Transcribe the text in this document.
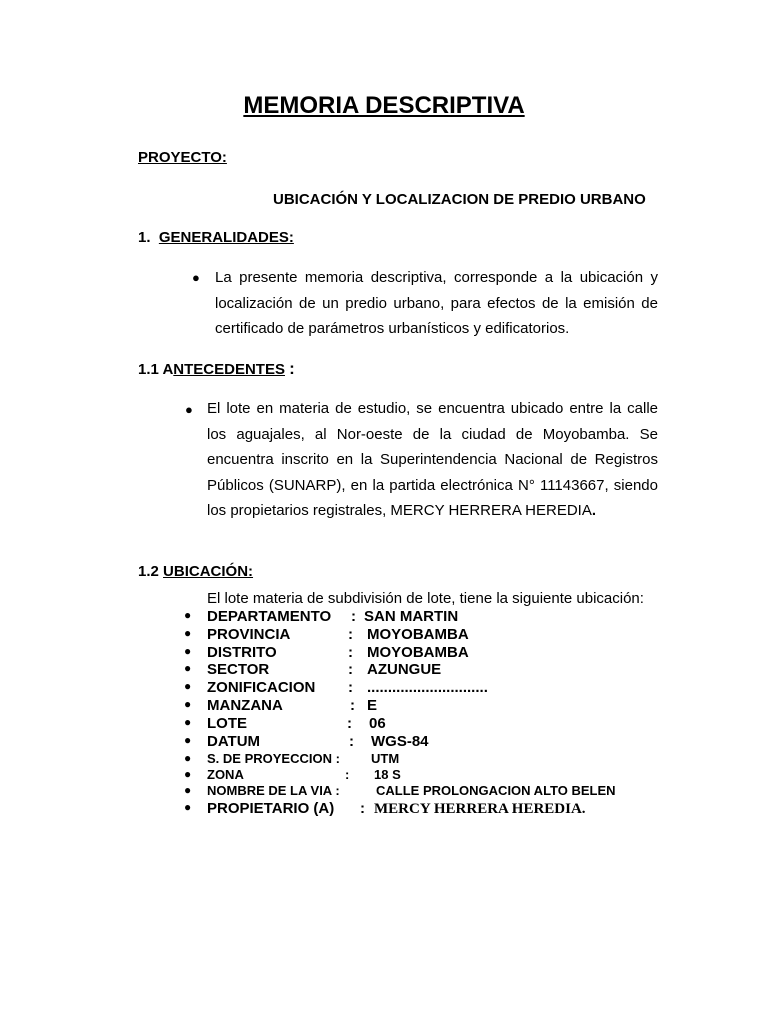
MEMORIA DESCRIPTIVA
PROYECTO:
UBICACIÓN Y LOCALIZACION DE PREDIO URBANO
1. GENERALIDADES:
● La presente memoria descriptiva, corresponde a la ubicación y localización de un predio urbano, para efectos de la emisión de certificado de parámetros urbanísticos y edificatorios.
1.1 ANTECEDENTES :
● El lote en materia de estudio, se encuentra ubicado entre la calle los aguajales, al Nor-oeste de la ciudad de Moyobamba. Se encuentra inscrito en la Superintendencia Nacional de Registros Públicos (SUNARP), en la partida electrónica N° 11143667, siendo los propietarios registrales, MERCY HERRERA HEREDIA.
1.2 UBICACIÓN:
El lote materia de subdivisión de lote, tiene la siguiente ubicación:
● DEPARTAMENTO : SAN MARTIN
● PROVINCIA	: MOYOBAMBA
● DISTRITO	: MOYOBAMBA
● SECTOR	: AZUNGUE
● ZONIFICACION : .............................
● MANZANA	: E
● LOTE	: 06
● DATUM	: WGS-84
● S. DE PROYECCION : UTM
● ZONA	: 18 S
● NOMBRE DE LA VIA :	CALLE PROLONGACION ALTO BELEN
● PROPIETARIO (A) : MERCY HERRERA HEREDIA.
